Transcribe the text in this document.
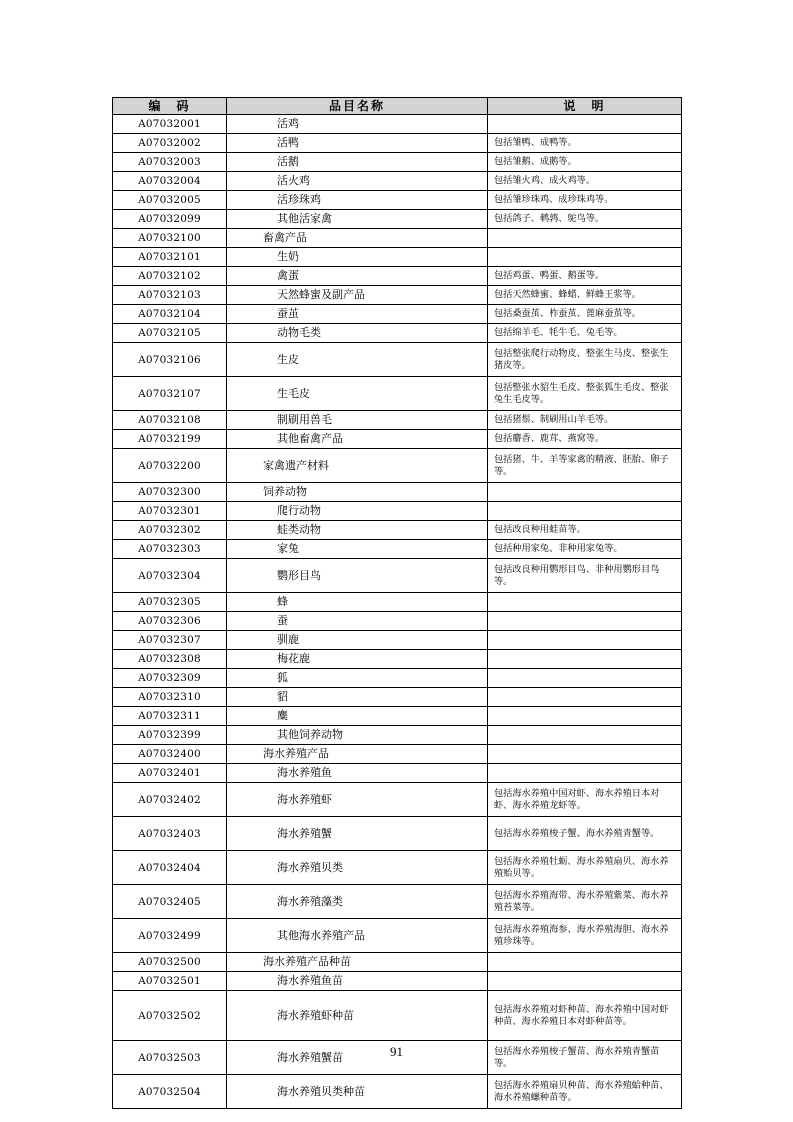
编　码	品目名称	说　明
A07032001	活鸡	
A07032002	活鸭	包括雏鸭、成鸭等。
A07032003	活鹅	包括雏鹅、成鹅等。
A07032004	活火鸡	包括雏火鸡、成火鸡等。
A07032005	活珍珠鸡	包括雏珍珠鸡、成珍珠鸡等。
A07032099	其他活家禽	包括鸽子、鹌鹑、鸵鸟等。
A07032100	畜禽产品	
A07032101	生奶	
A07032102	禽蛋	包括鸡蛋、鸭蛋、鹅蛋等。
A07032103	天然蜂蜜及副产品	包括天然蜂蜜、蜂蜡、鲜蜂王浆等。
A07032104	蚕茧	包括桑蚕茧、柞蚕茧、蓖麻蚕茧等。
A07032105	动物毛类	包括绵羊毛、牦牛毛、兔毛等。
A07032106	生皮	包括整张爬行动物皮、整张生马皮、整张生猪皮等。
A07032107	生毛皮	包括整张水貂生毛皮、整张狐生毛皮、整张兔生毛皮等。
A07032108	制刷用兽毛	包括猪鬃、制刷用山羊毛等。
A07032199	其他畜禽产品	包括麝香、鹿茸、燕窝等。
A07032200	家禽遗产材料	包括猪、牛、羊等家禽的精液、胚胎、卵子等。
A07032300	饲养动物	
A07032301	爬行动物	
A07032302	蛙类动物	包括改良种用蛙苗等。
A07032303	家兔	包括种用家兔、非种用家兔等。
A07032304	鹦形目鸟	包括改良种用鹦形目鸟、非种用鹦形目鸟等。
A07032305	蜂	
A07032306	蚕	
A07032307	驯鹿	
A07032308	梅花鹿	
A07032309	狐	
A07032310	貂	
A07032311	麋	
A07032399	其他饲养动物	
A07032400	海水养殖产品	
A07032401	海水养殖鱼	
A07032402	海水养殖虾	包括海水养殖中国对虾、海水养殖日本对虾、海水养殖龙虾等。
A07032403	海水养殖蟹	包括海水养殖梭子蟹、海水养殖青蟹等。
A07032404	海水养殖贝类	包括海水养殖牡蛎、海水养殖扇贝、海水养殖贻贝等。
A07032405	海水养殖藻类	包括海水养殖海带、海水养殖紫菜、海水养殖苔菜等。
A07032499	其他海水养殖产品	包括海水养殖海参、海水养殖海胆、海水养殖珍珠等。
A07032500	海水养殖产品种苗	
A07032501	海水养殖鱼苗	
A07032502	海水养殖虾种苗	包括海水养殖对虾种苗、海水养殖中国对虾种苗、海水养殖日本对虾种苗等。
A07032503	海水养殖蟹苗	包括海水养殖梭子蟹苗、海水养殖青蟹苗等。
A07032504	海水养殖贝类种苗	包括海水养殖扇贝种苗、海水养殖蛤种苗、海水养殖螺种苗等。
91
